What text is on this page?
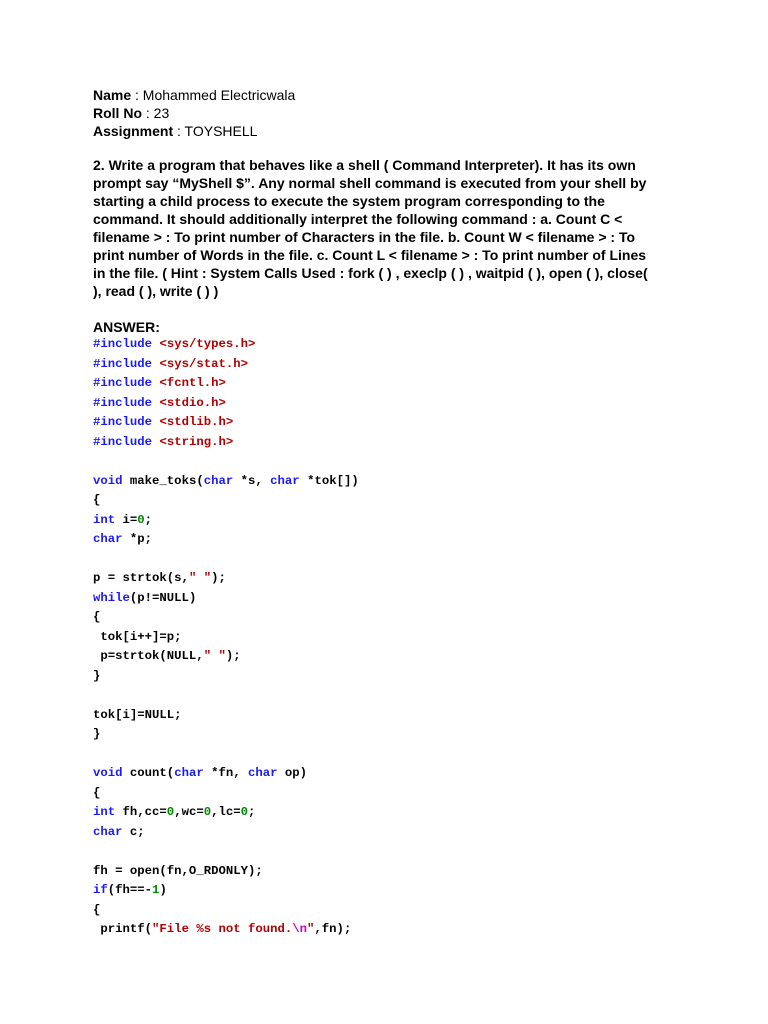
Name : Mohammed Electricwala
Roll No : 23
Assignment : TOYSHELL
2. Write a program that behaves like a shell ( Command Interpreter). It has its own prompt say “MyShell $”. Any normal shell command is executed from your shell by starting a child process to execute the system program corresponding to the command. It should additionally interpret the following command : a. Count C < filename > : To print number of Characters in the file. b. Count W < filename > : To print number of Words in the file. c. Count L < filename > : To print number of Lines in the file. ( Hint : System Calls Used : fork ( ) , execlp ( ) , waitpid ( ), open ( ), close( ), read ( ), write ( ) )
ANSWER:
#include <sys/types.h>
#include <sys/stat.h>
#include <fcntl.h>
#include <stdio.h>
#include <stdlib.h>
#include <string.h>

void make_toks(char *s, char *tok[])
{
int i=0;
char *p;

p = strtok(s," ");
while(p!=NULL)
{
tok[i++]=p;
p=strtok(NULL," ");
}

tok[i]=NULL;
}

void count(char *fn, char op)
{
int fh,cc=0,wc=0,lc=0;
char c;

fh = open(fn,O_RDONLY);
if(fh==-1)
{
printf("File %s not found.\n",fn);
